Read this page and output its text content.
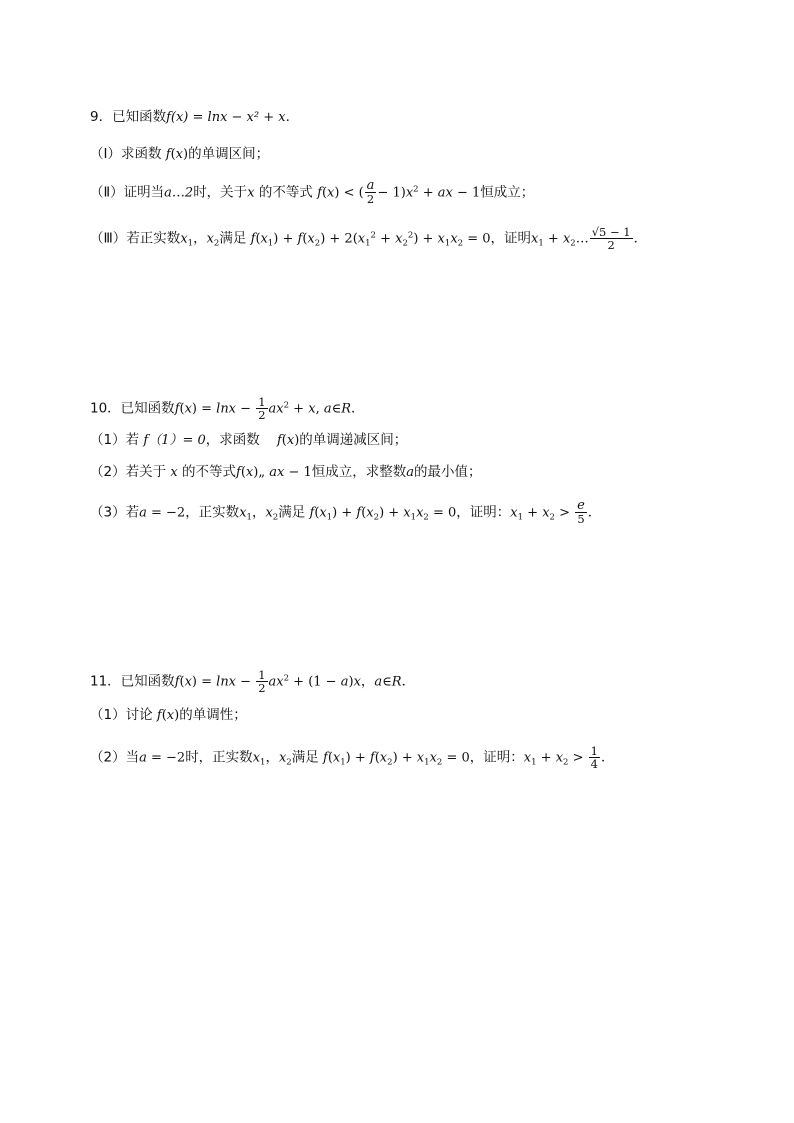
9．已知函数f(x) = lnx − x² + x．
（Ⅰ）求函数 f(x)的单调区间；
（Ⅱ）证明当a…2时，关于x 的不等式 f(x) < ( $\frac{a}{2} - 1)x^2$ + ax − 1恒成立；
（Ⅲ）若正实数$x_1$，$x_2$满足 $f(x_1) + f(x_2) + 2(x_1^2 + x_2^2) + x_1x_2 = 0$，证明$x_1$ + $x_2\dots \frac{√5 - 1}{2}$ ．
10．已知函数$f(x) = \ln x - \frac{1}{2} ax^2 + x$, a∈R．
（1）若 f（1）= 0，求函数 f(x)的单调递减区间；
（2）若关于 x 的不等式f(x)„ ax − 1恒成立，求整数a的最小值；
（3）若a = −2，正实数$x_1$，$x_2$满足 $f(x_1) + f(x_2) + x_1x_2 = 0$，证明：$x_1 + x_2 > \frac{e}{5}$ ．
11．已知函数$f(x) = \ln x - \frac{1}{2} ax^2 + (1 - a)x$，a∈R．
（1）讨论 f(x)的单调性；
（2）当a = −2时，正实数$x_1$，$x_2$满足 $f(x_1) + f(x_2) + x_1x_2 = 0$，证明：$x_1 + x_2 > \frac{1}{4}$ ．
